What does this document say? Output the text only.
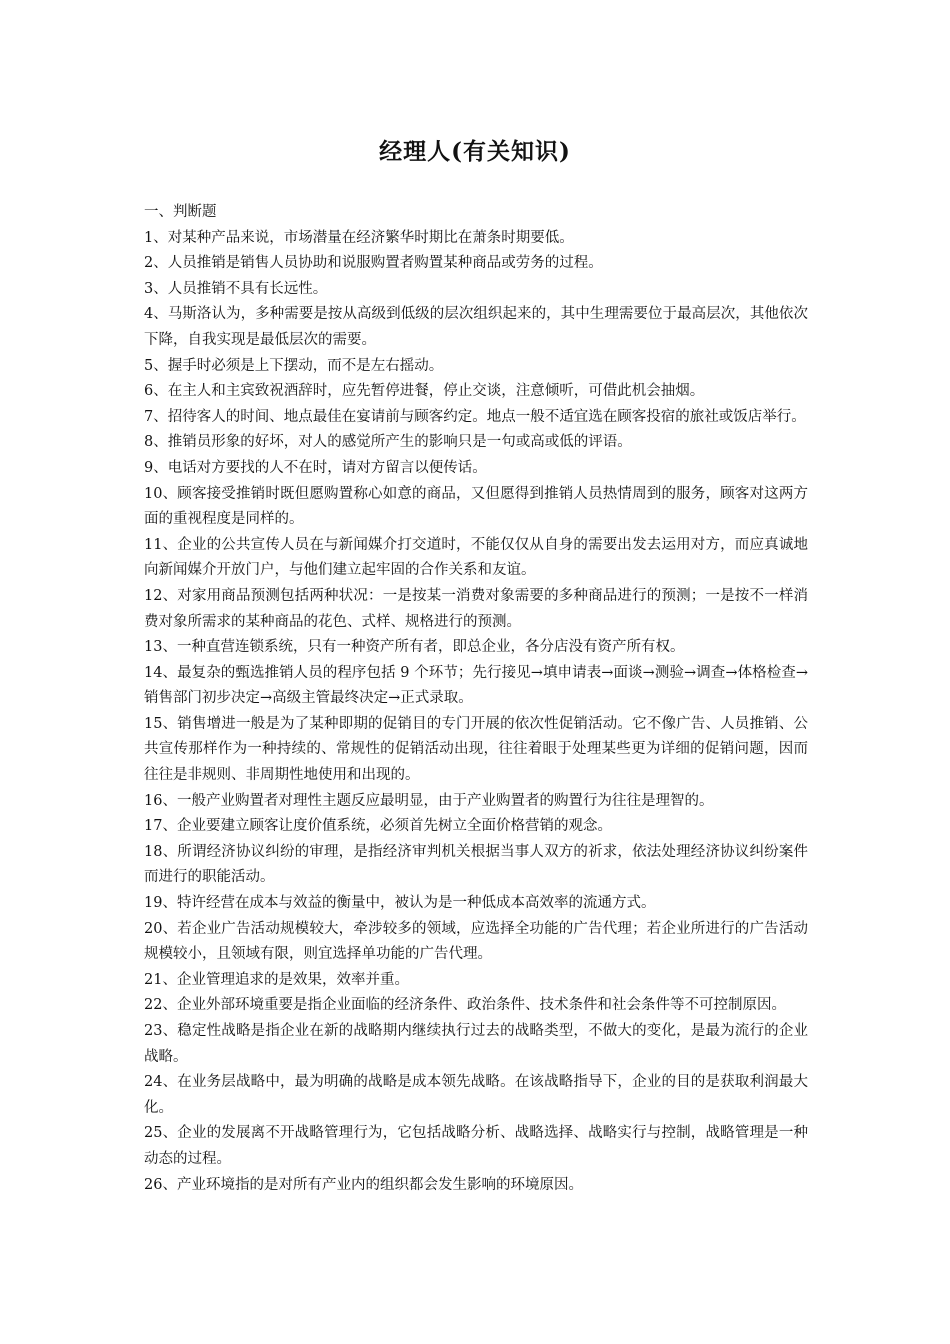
经理人(有关知识)

一、判断题

1、对某种产品来说，市场潜量在经济繁华时期比在萧条时期要低。

2、人员推销是销售人员协助和说服购置者购置某种商品或劳务的过程。

3、人员推销不具有长远性。

4、马斯洛认为，多种需要是按从高级到低级的层次组织起来的，其中生理需要位于最高层次，其他依次下降，自我实现是最低层次的需要。

5、握手时必须是上下摆动，而不是左右摇动。

6、在主人和主宾致祝酒辞时，应先暂停进餐，停止交谈，注意倾听，可借此机会抽烟。

7、招待客人的时间、地点最佳在宴请前与顾客约定。地点一般不适宜选在顾客投宿的旅社或饭店举行。

8、推销员形象的好坏，对人的感觉所产生的影响只是一句或高或低的评语。

9、电话对方要找的人不在时，请对方留言以便传话。

10、顾客接受推销时既但愿购置称心如意的商品，又但愿得到推销人员热情周到的服务，顾客对这两方面的重视程度是同样的。

11、企业的公共宣传人员在与新闻媒介打交道时，不能仅仅从自身的需要出发去运用对方，而应真诚地向新闻媒介开放门户，与他们建立起牢固的合作关系和友谊。

12、对家用商品预测包括两种状况：一是按某一消费对象需要的多种商品进行的预测；一是按不一样消费对象所需求的某种商品的花色、式样、规格进行的预测。

13、一种直营连锁系统，只有一种资产所有者，即总企业，各分店没有资产所有权。

14、最复杂的甄选推销人员的程序包括 9 个环节；先行接见→填申请表→面谈→测验→调查→体格检查→销售部门初步决定→高级主管最终决定→正式录取。

15、销售增进一般是为了某种即期的促销目的专门开展的依次性促销活动。它不像广告、人员推销、公共宣传那样作为一种持续的、常规性的促销活动出现，往往着眼于处理某些更为详细的促销问题，因而往往是非规则、非周期性地使用和出现的。

16、一般产业购置者对理性主题反应最明显，由于产业购置者的购置行为往往是理智的。

17、企业要建立顾客让度价值系统，必须首先树立全面价格营销的观念。

18、所谓经济协议纠纷的审理，是指经济审判机关根据当事人双方的祈求，依法处理经济协议纠纷案件而进行的职能活动。

19、特许经营在成本与效益的衡量中，被认为是一种低成本高效率的流通方式。

20、若企业广告活动规模较大，牵涉较多的领域，应选择全功能的广告代理；若企业所进行的广告活动规模较小，且领域有限，则宜选择单功能的广告代理。

21、企业管理追求的是效果，效率并重。

22、企业外部环境重要是指企业面临的经济条件、政治条件、技术条件和社会条件等不可控制原因。

23、稳定性战略是指企业在新的战略期内继续执行过去的战略类型，不做大的变化，是最为流行的企业战略。

24、在业务层战略中，最为明确的战略是成本领先战略。在该战略指导下，企业的目的是获取利润最大化。

25、企业的发展离不开战略管理行为，它包括战略分析、战略选择、战略实行与控制，战略管理是一种动态的过程。

26、产业环境指的是对所有产业内的组织都会发生影响的环境原因。
